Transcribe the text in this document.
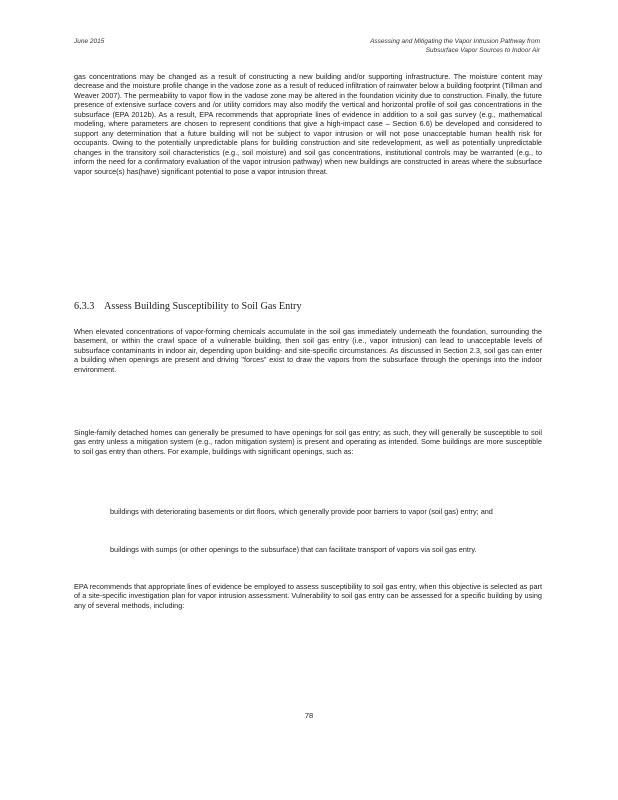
June 2015	Assessing and Mitigating the Vapor Intrusion Pathway from
Subsurface Vapor Sources to Indoor Air

gas concentrations may be changed as a result of constructing a new building and/or supporting infrastructure. The moisture content may decrease and the moisture profile change in the vadose zone as a result of reduced infiltration of rainwater below a building footprint (Tillman and Weaver 2007). The permeability to vapor flow in the vadose zone may be altered in the foundation vicinity due to construction. Finally, the future presence of extensive surface covers and /or utility corridors may also modify the vertical and horizontal profile of soil gas concentrations in the subsurface (EPA 2012b). As a result, EPA recommends that appropriate lines of evidence in addition to a soil gas survey (e.g., mathematical modeling, where parameters are chosen to represent conditions that give a high-impact case – Section 6.6) be developed and considered to support any determination that a future building will not be subject to vapor intrusion or will not pose unacceptable human health risk for occupants. Owing to the potentially unpredictable plans for building construction and site redevelopment, as well as potentially unpredictable changes in the transitory soil characteristics (e.g., soil moisture) and soil gas concentrations, institutional controls may be warranted (e.g., to inform the need for a confirmatory evaluation of the vapor intrusion pathway) when new buildings are constructed in areas where the subsurface vapor source(s) has(have) significant potential to pose a vapor intrusion threat.

6.3.3 Assess Building Susceptibility to Soil Gas Entry

When elevated concentrations of vapor-forming chemicals accumulate in the soil gas immediately underneath the foundation, surrounding the basement, or within the crawl space of a vulnerable building, then soil gas entry (i.e., vapor intrusion) can lead to unacceptable levels of subsurface contaminants in indoor air, depending upon building- and site-specific circumstances. As discussed in Section 2.3, soil gas can enter a building when openings are present and driving "forces" exist to draw the vapors from the subsurface through the openings into the indoor environment.

Single-family detached homes can generally be presumed to have openings for soil gas entry; as such, they will generally be susceptible to soil gas entry unless a mitigation system (e.g., radon mitigation system) is present and operating as intended. Some buildings are more susceptible to soil gas entry than others. For example, buildings with significant openings, such as:

buildings with deteriorating basements or dirt floors, which generally provide poor barriers to vapor (soil gas) entry; and
buildings with sumps (or other openings to the subsurface) that can facilitate transport of vapors via soil gas entry.

EPA recommends that appropriate lines of evidence be employed to assess susceptibility to soil gas entry, when this objective is selected as part of a site-specific investigation plan for vapor intrusion assessment. Vulnerability to soil gas entry can be assessed for a specific building by using any of several methods, including:

78
